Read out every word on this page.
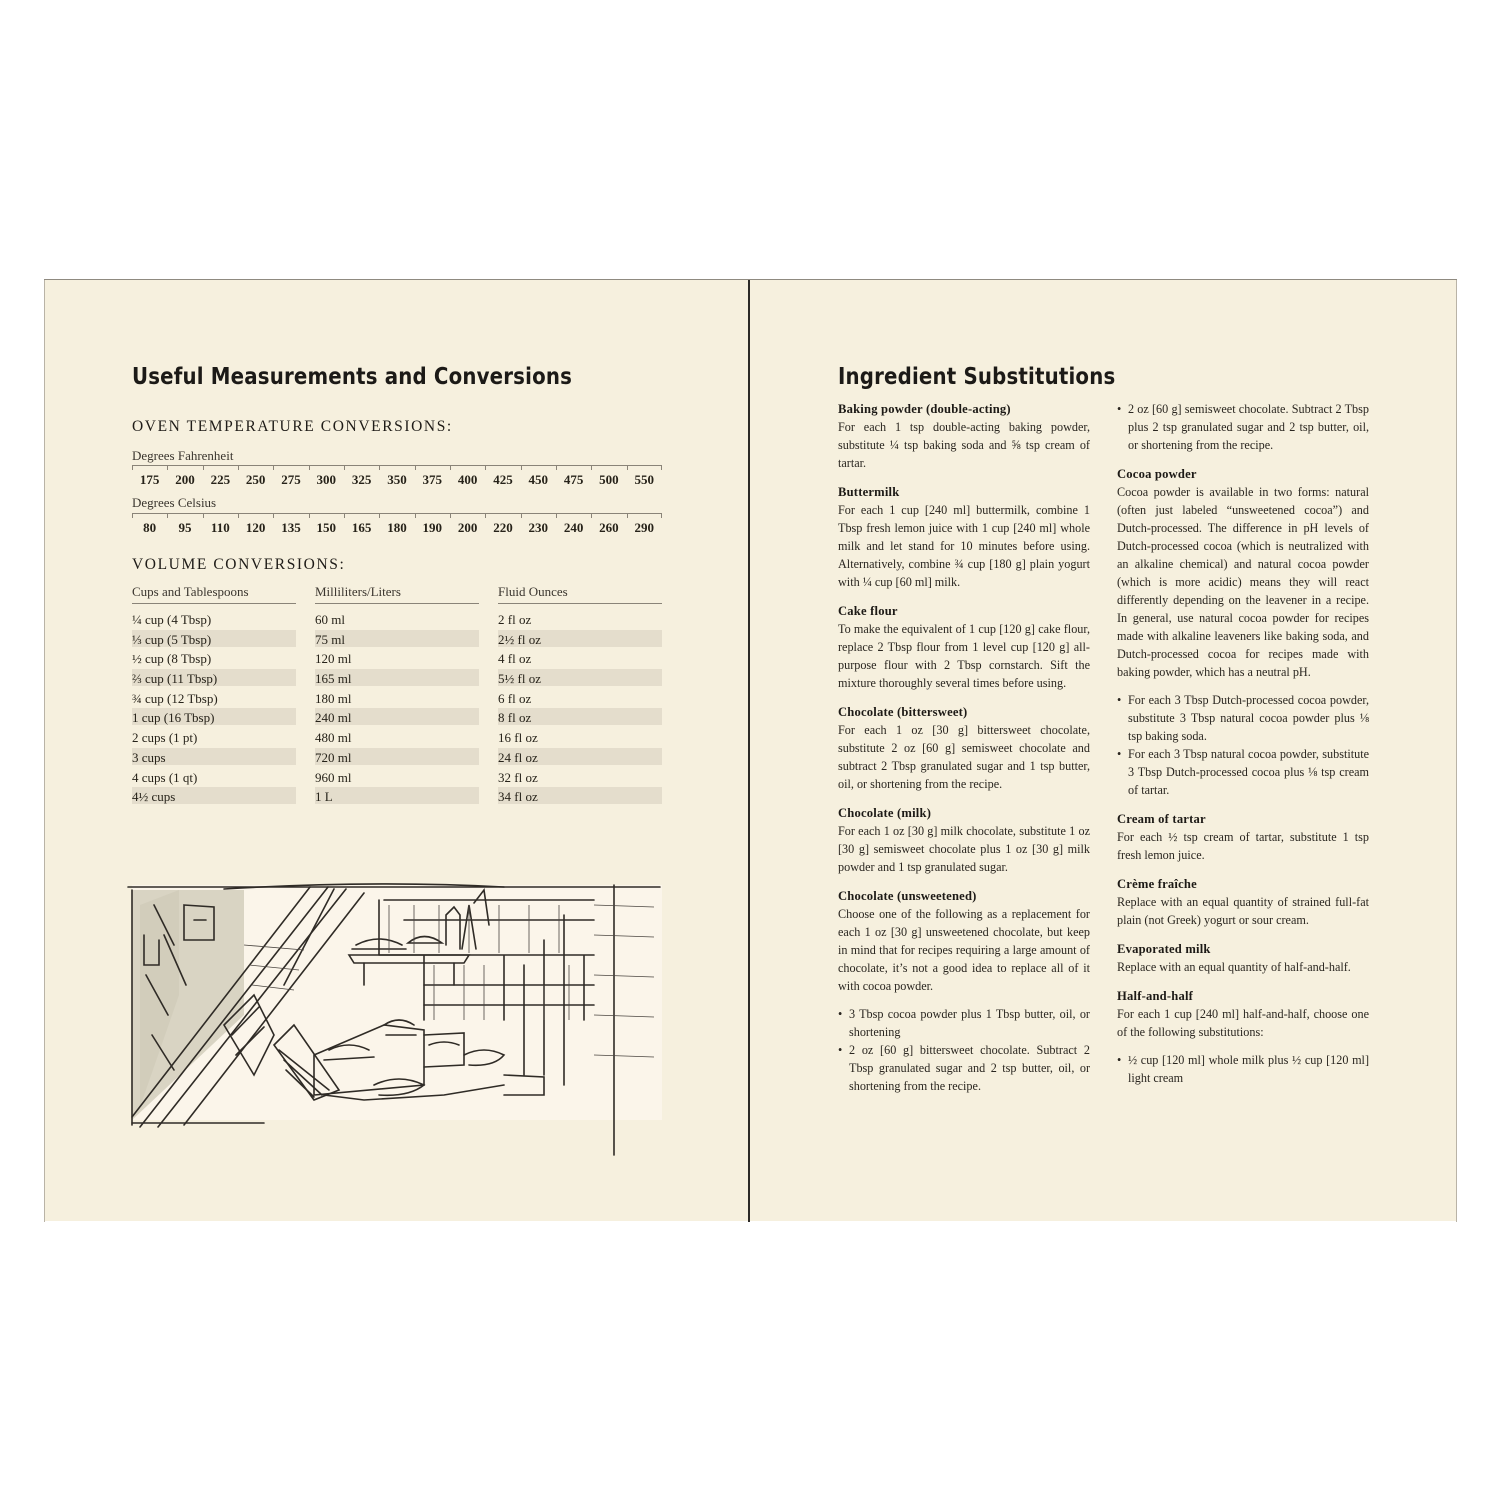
Useful Measurements and Conversions
OVEN TEMPERATURE CONVERSIONS:
Degrees Fahrenheit
175	200	225	250	275	300	325	350	375	400	425	450	475	500	550
Degrees Celsius
80	95	110	120	135	150	165	180	190	200	220	230	240	260	290
VOLUME CONVERSIONS:
Cups and Tablespoons	Milliliters/Liters	Fluid Ounces
¼ cup (4 Tbsp)	60 ml	2 fl oz
⅓ cup (5 Tbsp)	75 ml	2½ fl oz
½ cup (8 Tbsp)	120 ml	4 fl oz
⅔ cup (11 Tbsp)	165 ml	5½ fl oz
¾ cup (12 Tbsp)	180 ml	6 fl oz
1 cup (16 Tbsp)	240 ml	8 fl oz
2 cups (1 pt)	480 ml	16 fl oz
3 cups	720 ml	24 fl oz
4 cups (1 qt)	960 ml	32 fl oz
4½ cups	1 L	34 fl oz
Ingredient Substitutions
Baking powder (double-acting)

For each 1 tsp double-acting baking powder, substitute ¼ tsp baking soda and ⅝ tsp cream of tartar.

Buttermilk

For each 1 cup [240 ml] buttermilk, combine 1 Tbsp fresh lemon juice with 1 cup [240 ml] whole milk and let stand for 10 minutes before using. Alternatively, combine ¾ cup [180 g] plain yogurt with ¼ cup [60 ml] milk.

Cake flour

To make the equivalent of 1 cup [120 g] cake flour, replace 2 Tbsp flour from 1 level cup [120 g] all-purpose flour with 2 Tbsp cornstarch. Sift the mixture thoroughly several times before using.

Chocolate (bittersweet)

For each 1 oz [30 g] bittersweet chocolate, substitute 2 oz [60 g] semisweet chocolate and subtract 2 Tbsp granulated sugar and 1 tsp butter, oil, or shortening from the recipe.

Chocolate (milk)

For each 1 oz [30 g] milk chocolate, substitute 1 oz [30 g] semisweet chocolate plus 1 oz [30 g] milk powder and 1 tsp granulated sugar.

Chocolate (unsweetened)

Choose one of the following as a replacement for each 1 oz [30 g] unsweetened chocolate, but keep in mind that for recipes requiring a large amount of chocolate, it’s not a good idea to replace all of it with cocoa powder.

• 3 Tbsp cocoa powder plus 1 Tbsp butter, oil, or shortening
• 2 oz [60 g] bittersweet chocolate. Subtract 2 Tbsp granulated sugar and 2 tsp butter, oil, or shortening from the recipe.
• 2 oz [60 g] semisweet chocolate. Subtract 2 Tbsp plus 2 tsp granulated sugar and 2 tsp butter, oil, or shortening from the recipe.
Cocoa powder

Cocoa powder is available in two forms: natural (often just labeled “unsweetened cocoa”) and Dutch-processed. The difference in pH levels of Dutch-processed cocoa (which is neutralized with an alkaline chemical) and natural cocoa powder (which is more acidic) means they will react differently depending on the leavener in a recipe. In general, use natural cocoa powder for recipes made with alkaline leaveners like baking soda, and Dutch-processed cocoa for recipes made with baking powder, which has a neutral pH.

• For each 3 Tbsp Dutch-processed cocoa powder, substitute 3 Tbsp natural cocoa powder plus ⅛ tsp baking soda.
• For each 3 Tbsp natural cocoa powder, substitute 3 Tbsp Dutch-processed cocoa plus ⅛ tsp cream of tartar.
Cream of tartar

For each ½ tsp cream of tartar, substitute 1 tsp fresh lemon juice.

Crème fraîche

Replace with an equal quantity of strained full-fat plain (not Greek) yogurt or sour cream.

Evaporated milk

Replace with an equal quantity of half-and-half.

Half-and-half

For each 1 cup [240 ml] half-and-half, choose one of the following substitutions:

• ½ cup [120 ml] whole milk plus ½ cup [120 ml] light cream
